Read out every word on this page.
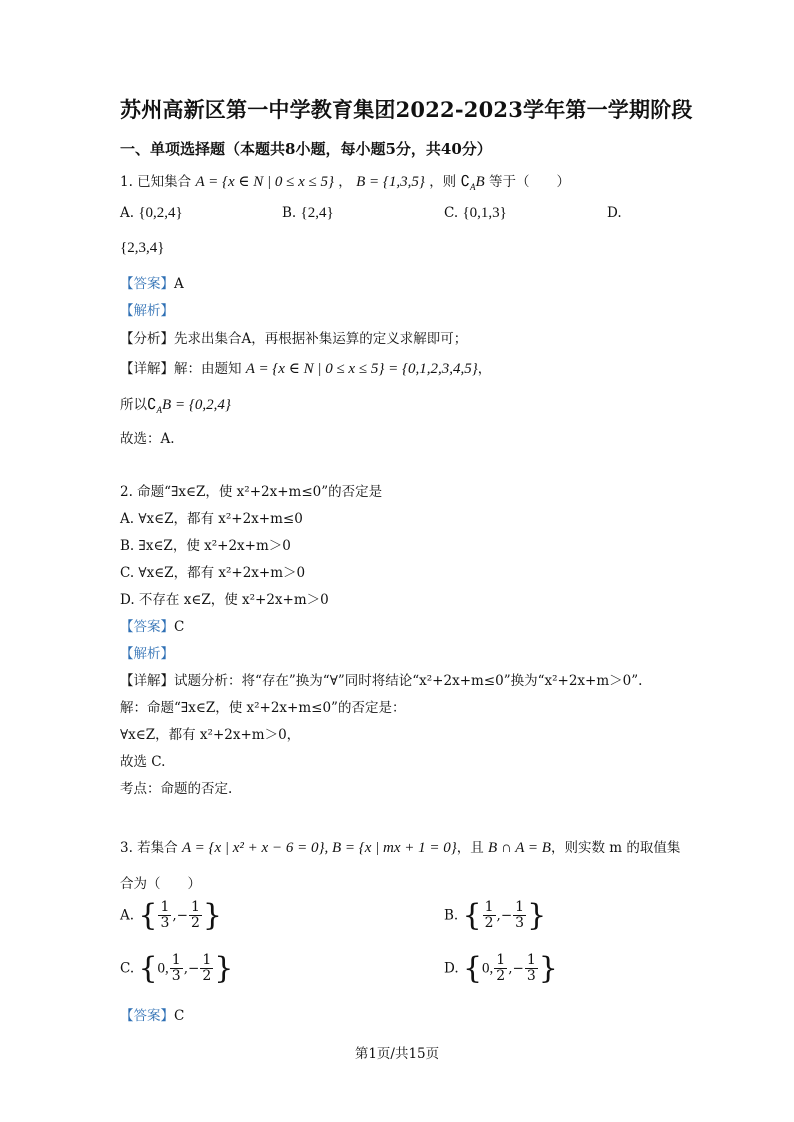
苏州高新区第一中学教育集团2022-2023学年第一学期阶段
一、单项选择题（本题共8小题，每小题5分，共40分）
1. 已知集合 A = {x ∈ N | 0 ≤ x ≤ 5} ， B = {1,3,5} ，则 $∁_AB$ 等于（　　）
A. {0,2,4}	B. {2,4}	C. {0,1,3}	D.
{2,3,4}
【答案】A
【解析】
【分析】先求出集合A，再根据补集运算的定义求解即可；
【详解】解：由题知 A = {x ∈ N | 0 ≤ x ≤ 5} = {0,1,2,3,4,5}，
所以$∁_AB = \{0,2,4\}$
故选：A.
2. 命题“∃x∈Z，使 x²+2x+m≤0”的否定是
A. ∀x∈Z，都有 x²+2x+m≤0
B. ∃x∈Z，使 x²+2x+m＞0
C. ∀x∈Z，都有 x²+2x+m＞0
D. 不存在 x∈Z，使 x²+2x+m＞0
【答案】C
【解析】
【详解】试题分析：将“存在”换为“∀”同时将结论“x²+2x+m≤0”换为“x²+2x+m＞0”.
解：命题“∃x∈Z，使 x²+2x+m≤0”的否定是：
∀x∈Z，都有 x²+2x+m＞0，
故选 C.
考点：命题的否定.
3. 若集合 A = {x | x² + x − 6 = 0}, B = {x | mx + 1 = 0}，且 B ∩ A = B，则实数 m 的取值集
合为（　　）
A. { $\frac{1}{3}$ ,− $\frac{1}{2}$ }	B. { $\frac{1}{2}$ ,− $\frac{1}{3}$ }
C. {0, $\frac{1}{3}$ ,− $\frac{1}{2}$ }	D. {0, $\frac{1}{2}$ ,− $\frac{1}{3}$ }
【答案】C
第1页/共15页
